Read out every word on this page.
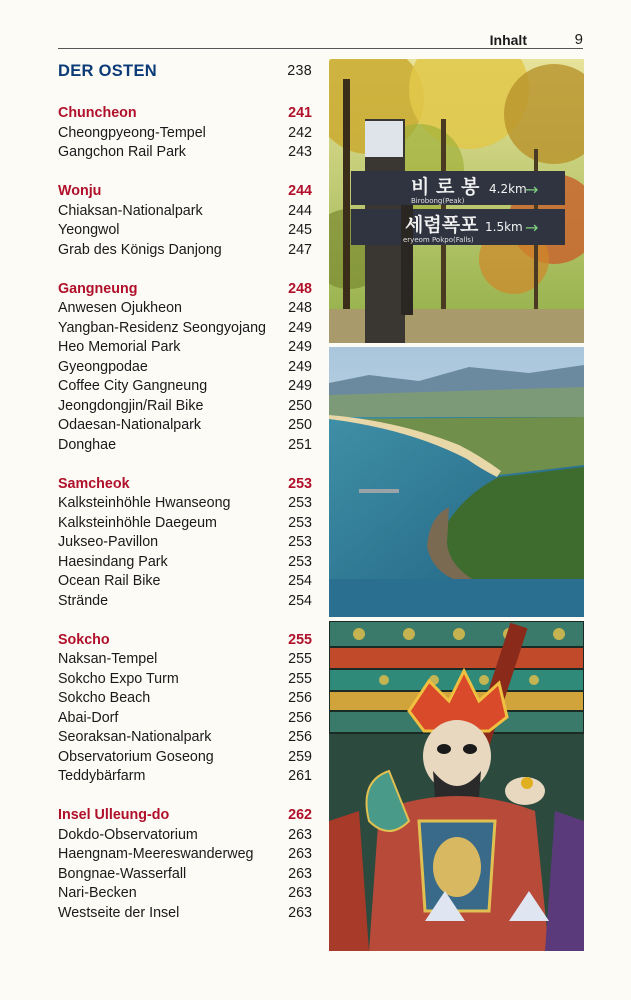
Inhalt	9
DER OSTEN	238
Chuncheon	241
Cheongpyeong-Tempel	242
Gangchon Rail Park	243
Wonju	244
Chiaksan-Nationalpark	244
Yeongwol	245
Grab des Königs Danjong	247
Gangneung	248
Anwesen Ojukheon	248
Yangban-Residenz Seongyojang 249
Heo Memorial Park	249
Gyeongpodae	249
Coffee City Gangneung	249
Jeongdongjin/Rail Bike	250
Odaesan-Nationalpark	250
Donghae	251
Samcheok	253
Kalksteinhöhle Hwanseong	253
Kalksteinhöhle Daegeum	253
Jukseo-Pavillon	253
Haesindang Park	253
Ocean Rail Bike	254
Strände	254
Sokcho	255
Naksan-Tempel	255
Sokcho Expo Turm	255
Sokcho Beach	256
Abai-Dorf	256
Seoraksan-Nationalpark	256
Observatorium Goseong	259
Teddybärfarm	261
Insel Ulleung-do	262
Dokdo-Observatorium	263
Haengnam-Meereswanderweg 263
Bongnae-Wasserfall	263
Nari-Becken	263
Westseite der Insel	263
비 로 봉
Birobong(Peak)
4.2km
→
세렴폭포
eryeom Pokpo(Falls)
1.5km →
